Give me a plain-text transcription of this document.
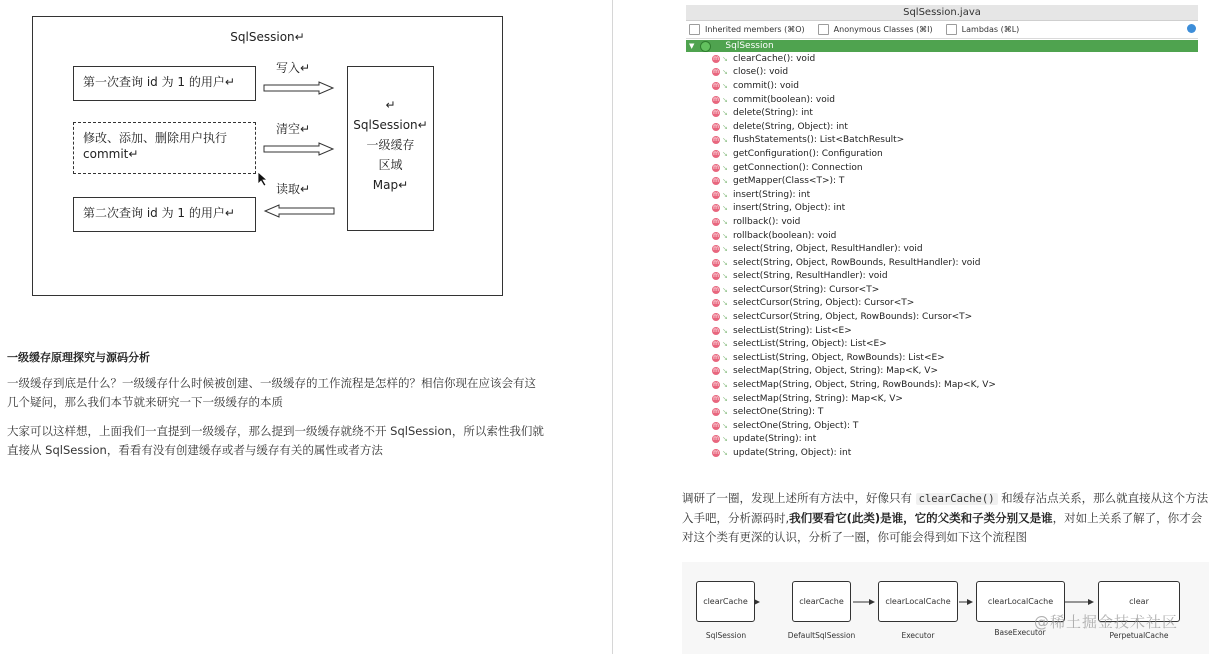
SqlSession↵
第一次查询 id 为 1 的用户↵
修改、添加、删除用户执行 commit↵
第二次查询 id 为 1 的用户↵
↵
SqlSession↵
一级缓存
区域
Map↵
写入↵
清空↵
读取↵
一级缓存原理探究与源码分析
一级缓存到底是什么？一级缓存什么时候被创建、一级缓存的工作流程是怎样的？相信你现在应该会有这几个疑问，那么我们本节就来研究一下一级缓存的本质
大家可以这样想，上面我们一直提到一级缓存，那么提到一级缓存就绕不开 SqlSession，所以索性我们就直接从 SqlSession，看看有没有创建缓存或者与缓存有关的属性或者方法
SqlSession.java
Inherited members (⌘O)	Anonymous Classes (⌘I)	Lambdas (⌘L)
▼	SqlSession
m ↘ clearCache(): void
m ↘ close(): void
m ↘ commit(): void
m ↘ commit(boolean): void
m ↘ delete(String): int
m ↘ delete(String, Object): int
m ↘ flushStatements(): List<BatchResult>
m ↘ getConfiguration(): Configuration
m ↘ getConnection(): Connection
m ↘ getMapper(Class<T>): T
m ↘ insert(String): int
m ↘ insert(String, Object): int
m ↘ rollback(): void
m ↘ rollback(boolean): void
m ↘ select(String, Object, ResultHandler): void
m ↘ select(String, Object, RowBounds, ResultHandler): void
m ↘ select(String, ResultHandler): void
m ↘ selectCursor(String): Cursor<T>
m ↘ selectCursor(String, Object): Cursor<T>
m ↘ selectCursor(String, Object, RowBounds): Cursor<T>
m ↘ selectList(String): List<E>
m ↘ selectList(String, Object): List<E>
m ↘ selectList(String, Object, RowBounds): List<E>
m ↘ selectMap(String, Object, String): Map<K, V>
m ↘ selectMap(String, Object, String, RowBounds): Map<K, V>
m ↘ selectMap(String, String): Map<K, V>
m ↘ selectOne(String): T
m ↘ selectOne(String, Object): T
m ↘ update(String): int
m ↘ update(String, Object): int
调研了一圈，发现上述所有方法中，好像只有 clearCache() 和缓存沾点关系，那么就直接从这个方法入手吧，分析源码时,我们要看它(此类)是谁，它的父类和子类分别又是谁，对如上关系了解了，你才会对这个类有更深的认识，分析了一圈，你可能会得到如下这个流程图
clearCache	clearCache	clearLocalCache	clearLocalCache	clear
SqlSession	DefaultSqlSession	Executor	BaseExecutor	PerpetualCache
@稀土掘金技术社区
